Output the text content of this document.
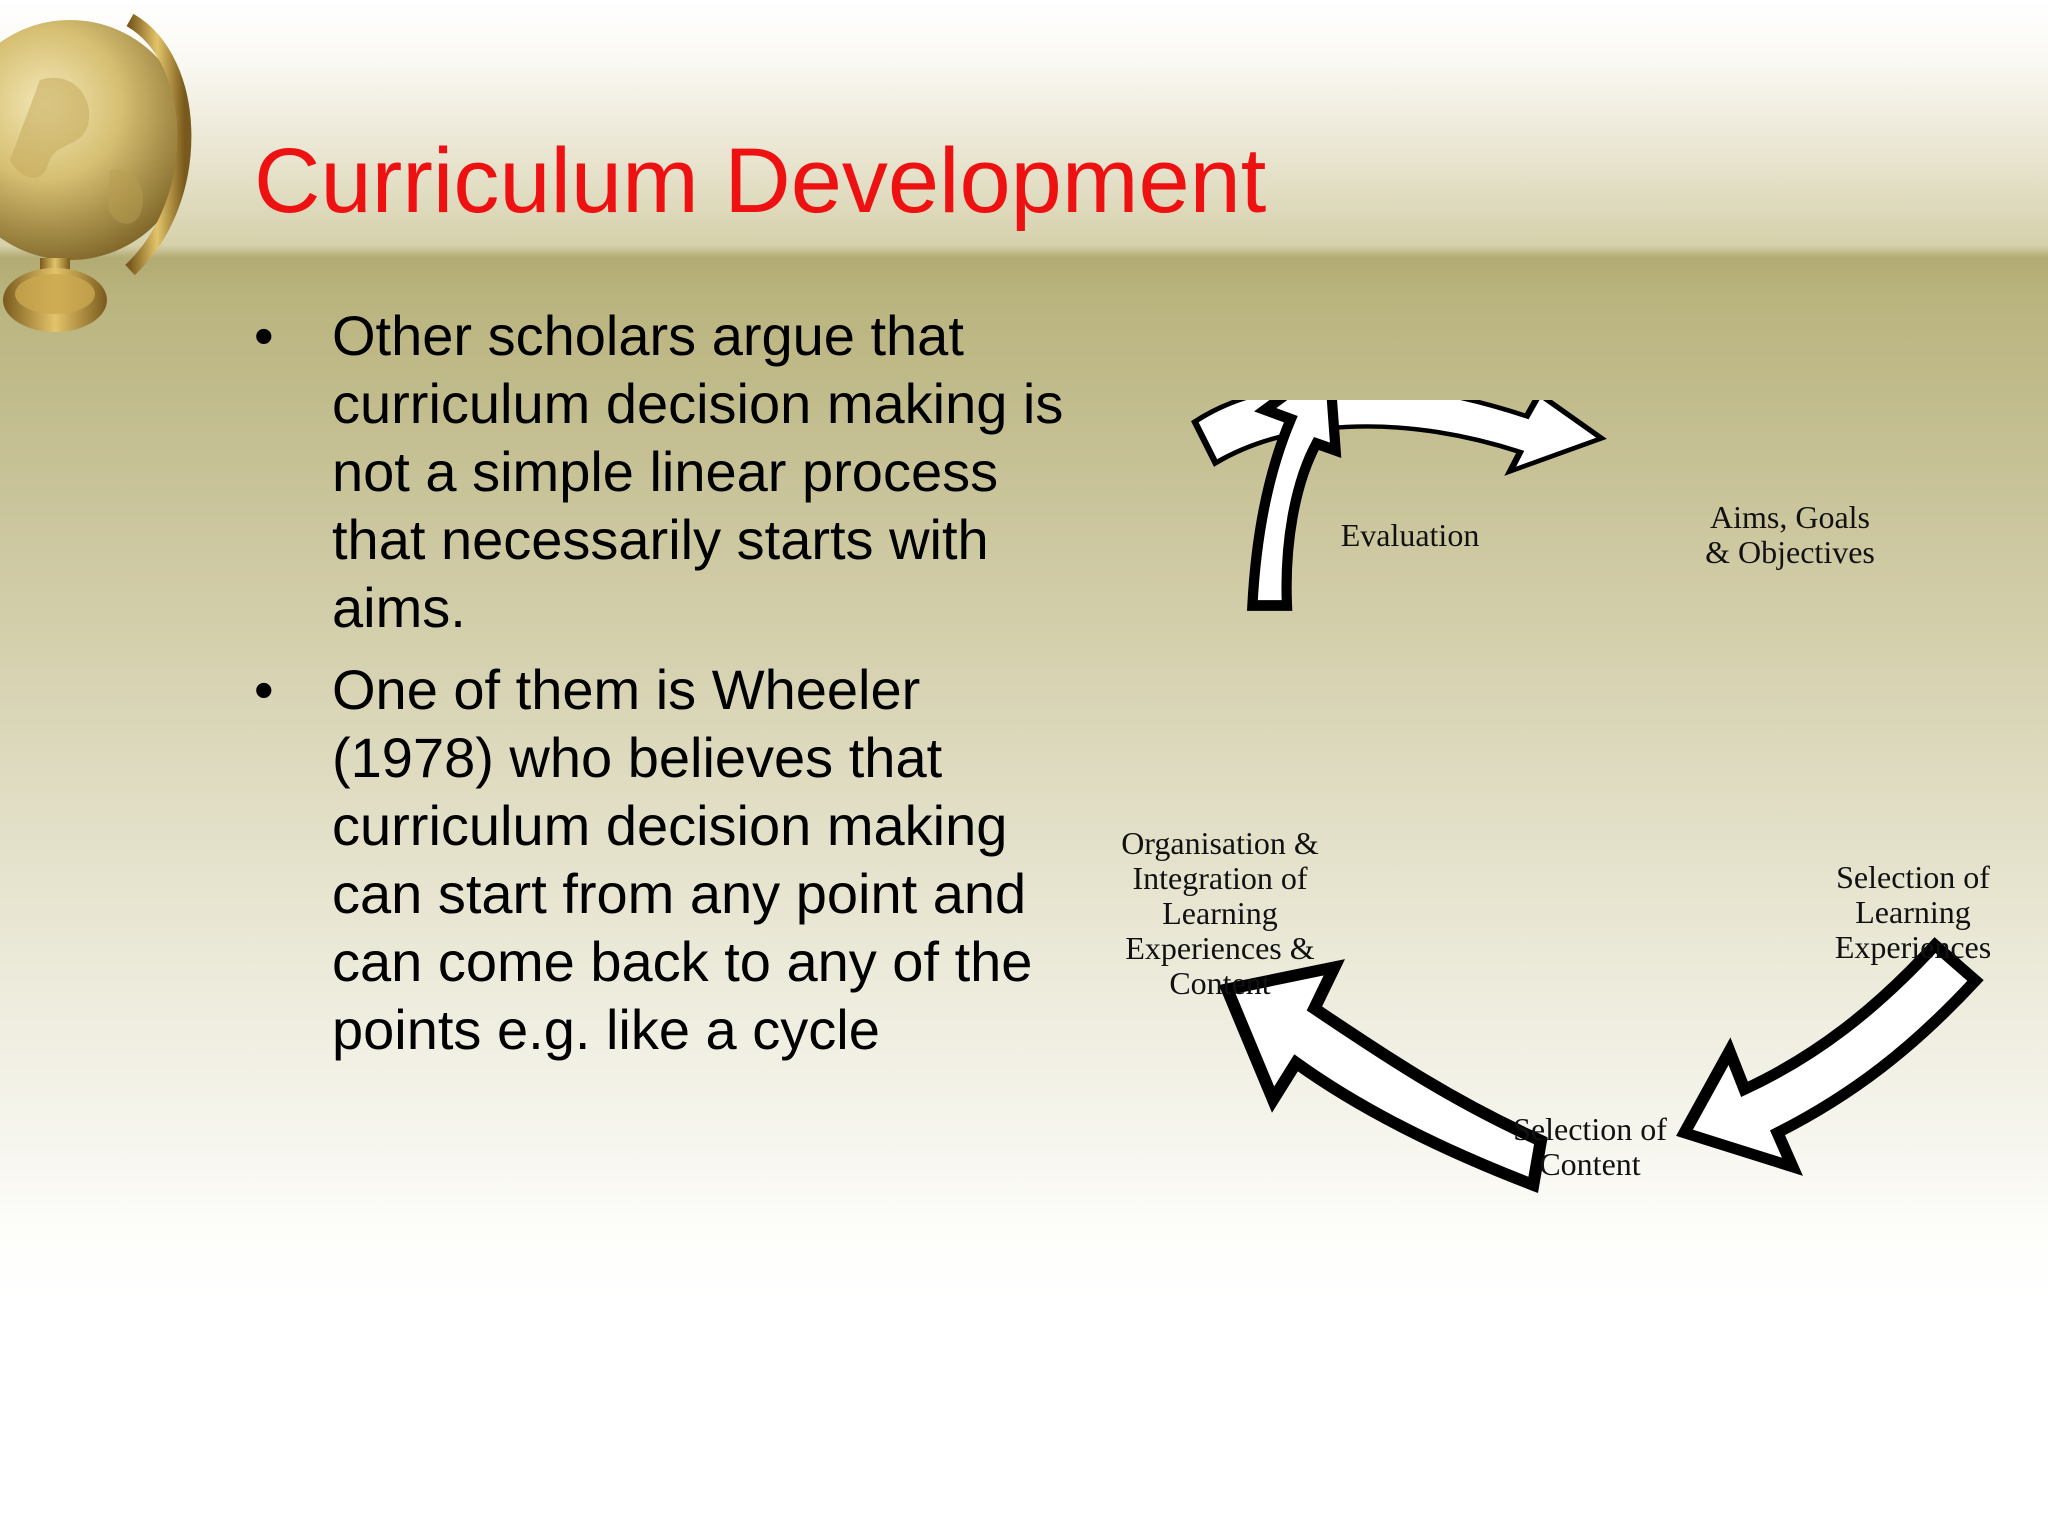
Curriculum Development
• Other scholars argue that curriculum decision making is not a simple linear process that necessarily starts with aims.
• One of them is Wheeler (1978) who believes that curriculum decision making can start from any point and can come back to any of the points e.g. like a cycle
Evaluation	Aims, Goals
& Objectives
Selection of
Learning
Experiences
Selection of
Content
Organisation &
Integration of
Learning
Experiences &
Content
